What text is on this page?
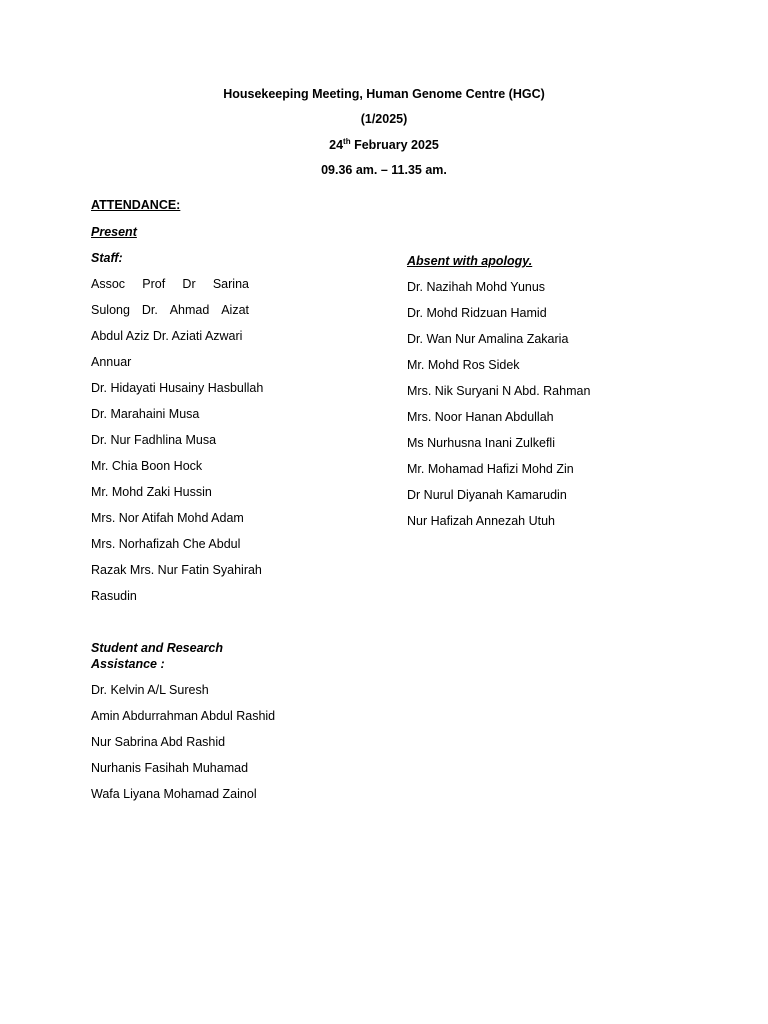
Housekeeping Meeting, Human Genome Centre (HGC)
(1/2025)
24th February 2025
09.36 am. – 11.35 am.
ATTENDANCE:
Present
Staff:
Assoc Prof Dr Sarina
Sulong Dr. Ahmad Aizat
Abdul Aziz Dr. Aziati Azwari
Annuar
Dr. Hidayati Husainy Hasbullah
Dr. Marahaini Musa
Dr. Nur Fadhlina Musa
Mr. Chia Boon Hock
Mr. Mohd Zaki Hussin
Mrs. Nor Atifah Mohd Adam
Mrs. Norhafizah Che Abdul
Razak Mrs. Nur Fatin Syahirah
Rasudin
Student and Research Assistance :
Dr. Kelvin A/L Suresh
Amin Abdurrahman Abdul Rashid
Nur Sabrina Abd Rashid
Nurhanis Fasihah Muhamad
Wafa Liyana Mohamad Zainol
Absent with apology.
Dr. Nazihah Mohd Yunus
Dr. Mohd Ridzuan Hamid
Dr. Wan Nur Amalina Zakaria
Mr. Mohd Ros Sidek
Mrs. Nik Suryani N Abd. Rahman
Mrs. Noor Hanan Abdullah
Ms Nurhusna Inani Zulkefli
Mr. Mohamad Hafizi Mohd Zin
Dr Nurul Diyanah Kamarudin
Nur Hafizah Annezah Utuh
